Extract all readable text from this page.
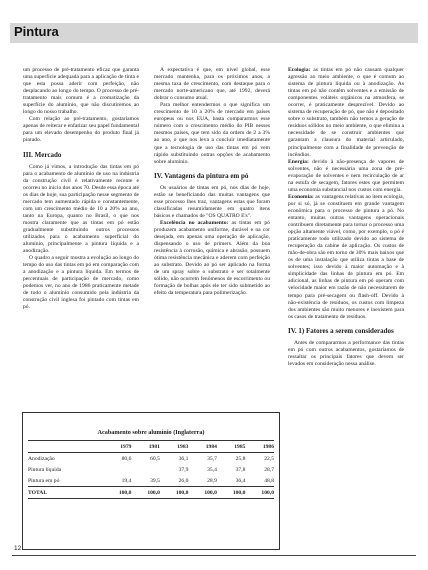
Pintura

um processo de pré-tratamento eficaz que garanta uma superfície adequada para a aplicação de tinta e que esta possa aderir com perfeição, não desplacando ao longo do tempo. O processo de pré-tratamento mais comum é a cromatização da superfície do alumínio, que não discutiremos ao longo do nosso trabalho.

Com relação ao pré-tratamento, gostaríamos apenas de reiterar e enfatizar seu papel fundamental para um elevado desempenho do produto final já pintado.

III. Mercado

Como já vimos, a introdução das tintas em pó para o acabamento de alumínio de uso na indústria da construção civil é relativamente recente e ocorreu no início dos anos 70. Desde essa época até os dias de hoje, sua participação nesse segmento de mercado tem aumentado rápida e constantemente, com um crescimento médio de 10 a 20% ao ano, tanto na Europa, quanto no Brasil, o que nos mostra claramente que as tintas em pó estão gradualmente substituindo outros processos utilizados para o acabamento superficial do alumínio, principalmente a pintura líquida e a anodização.

O quadro a seguir mostra a evolução ao longo do tempo do uso das tintas em pó em comparação com a anodização e a pintura líquida. Em termos de percentuais de participação de mercado, como podemos ver, no ano de 1986 praticamente metade de todo o alumínio consumido pela indústria da construção civil inglesa foi pintado com tintas em pó.

A expectativa é que, em nível global, esse mercado mantenha, para os próximos anos, a mesma taxa de crescimento, com destaque para o mercado norte-americano que, até 1992, deverá dobrar o consumo atual.

Para melhor entendermos o que significa um crescimento de 10 a 20% de mercado em países europeus ou nos EUA, basta compararmos esse número com o crescimento médio do PIB nesses mesmos países, que tem sido da ordem de 2 a 3% ao ano, o que nos leva a concluir imediatamente que a tecnologia de uso das tintas em pó vem rápido substituindo outras opções de acabamento sobre alumínio.

IV. Vantagens da pintura em pó

Os usuários de tintas em pó, nos dias de hoje, estão se beneficiando das muitas vantagens que esse processo lhes traz, vantagens estas que foram classificadas resumidamente em quatro itens básicos e chamados de "OS QUATRO E's".

Excelência no acabamento: as tintas em pó produzem acabamento uniforme, durável e na cor desejada, em apenas uma operação de aplicação, dispensando o uso de primers. Além da boa resistência à corrosão, química e abrasão, possuem ótima resistência mecânica e aderem com perfeição ao substrato. Devido ao pó ser aplicado na forma de um spray sobre o substrato e ser totalmente sólido, não ocorrem fenômenos de escorrimento ou formação de bolhas após ele ter sido submetido ao efeito da temperatura para polimerização.

Ecologia: as tintas em pó não causam qualquer agressão ao meio ambiente, o que é comum ao sistema de pintura líquida ou à anodização. As tintas em pó não contêm solventes e a emissão de componentes voláteis orgânicos na atmosfera, se ocorrer, é praticamente desprezível. Devido ao sistema de recuperação de pó, que não é depositado sobre o substrato, também não temos a geração de resíduos sólidos no meio ambiente, o que elimina a necessidade de se construir ambientes que garantam a clausura do material articulado, principalmente com a finalidade de prevenção de incêndios.

Energia: devido à não-presença de vapores de solventes, não é necessária uma zona de pré-evaporação de solventes e nem recirculação de ar na estufa de secagem, fatores estes que permitem uma economia substancial nos custos com energia.

Economia: as vantagens relativas ao item ecologia, por si só, já se constituem em grande vantagem econômica para o processo de pintura a pó. No entanto, muitas outras vantagens operacionais contribuem diretamente para tornar o processo uma opção altamente viável, como, por exemplo, o pó é praticamente todo utilizado devido ao sistema de recuperação da cabine de aplicação. Os custos de mão-de-obra são em torno de 30% mais baixos que os de uma instalação que utiliza tintas a base de solventes; isso devido à maior automação e à simplicidade das linhas de pintura em pó. Em adicional, as linhas de pintura em pó operam com velocidade maior em razão de não necessitarem de tempo para pré-secagem ou flash-off. Devido à não-existência de resíduos, os custos com limpeza dos ambientes são muito menores e inexistem para os casos de tratamento de resíduos.

IV. 1) Fatores a serem considerados

Antes de compararmos a performance das tintas em pó com outros acabamentos, gostaríamos de ressaltar os principais fatores que devem ser levados em consideração nessa análise.

Acabamento sobre alumínio (Inglaterra)
	1979	1981	1983	1984	1985	1986
Anodização	80,6	60,5	36,1	35,7	25,8	22,5
Pintura líquida			37,9	35,4	37,8	28,7
Pintura em pó	19,4	39,5	26,0	28,9	36,4	48,8
TOTAL	100,0	100,0	100,0	100,0	100,0	100,0
12
